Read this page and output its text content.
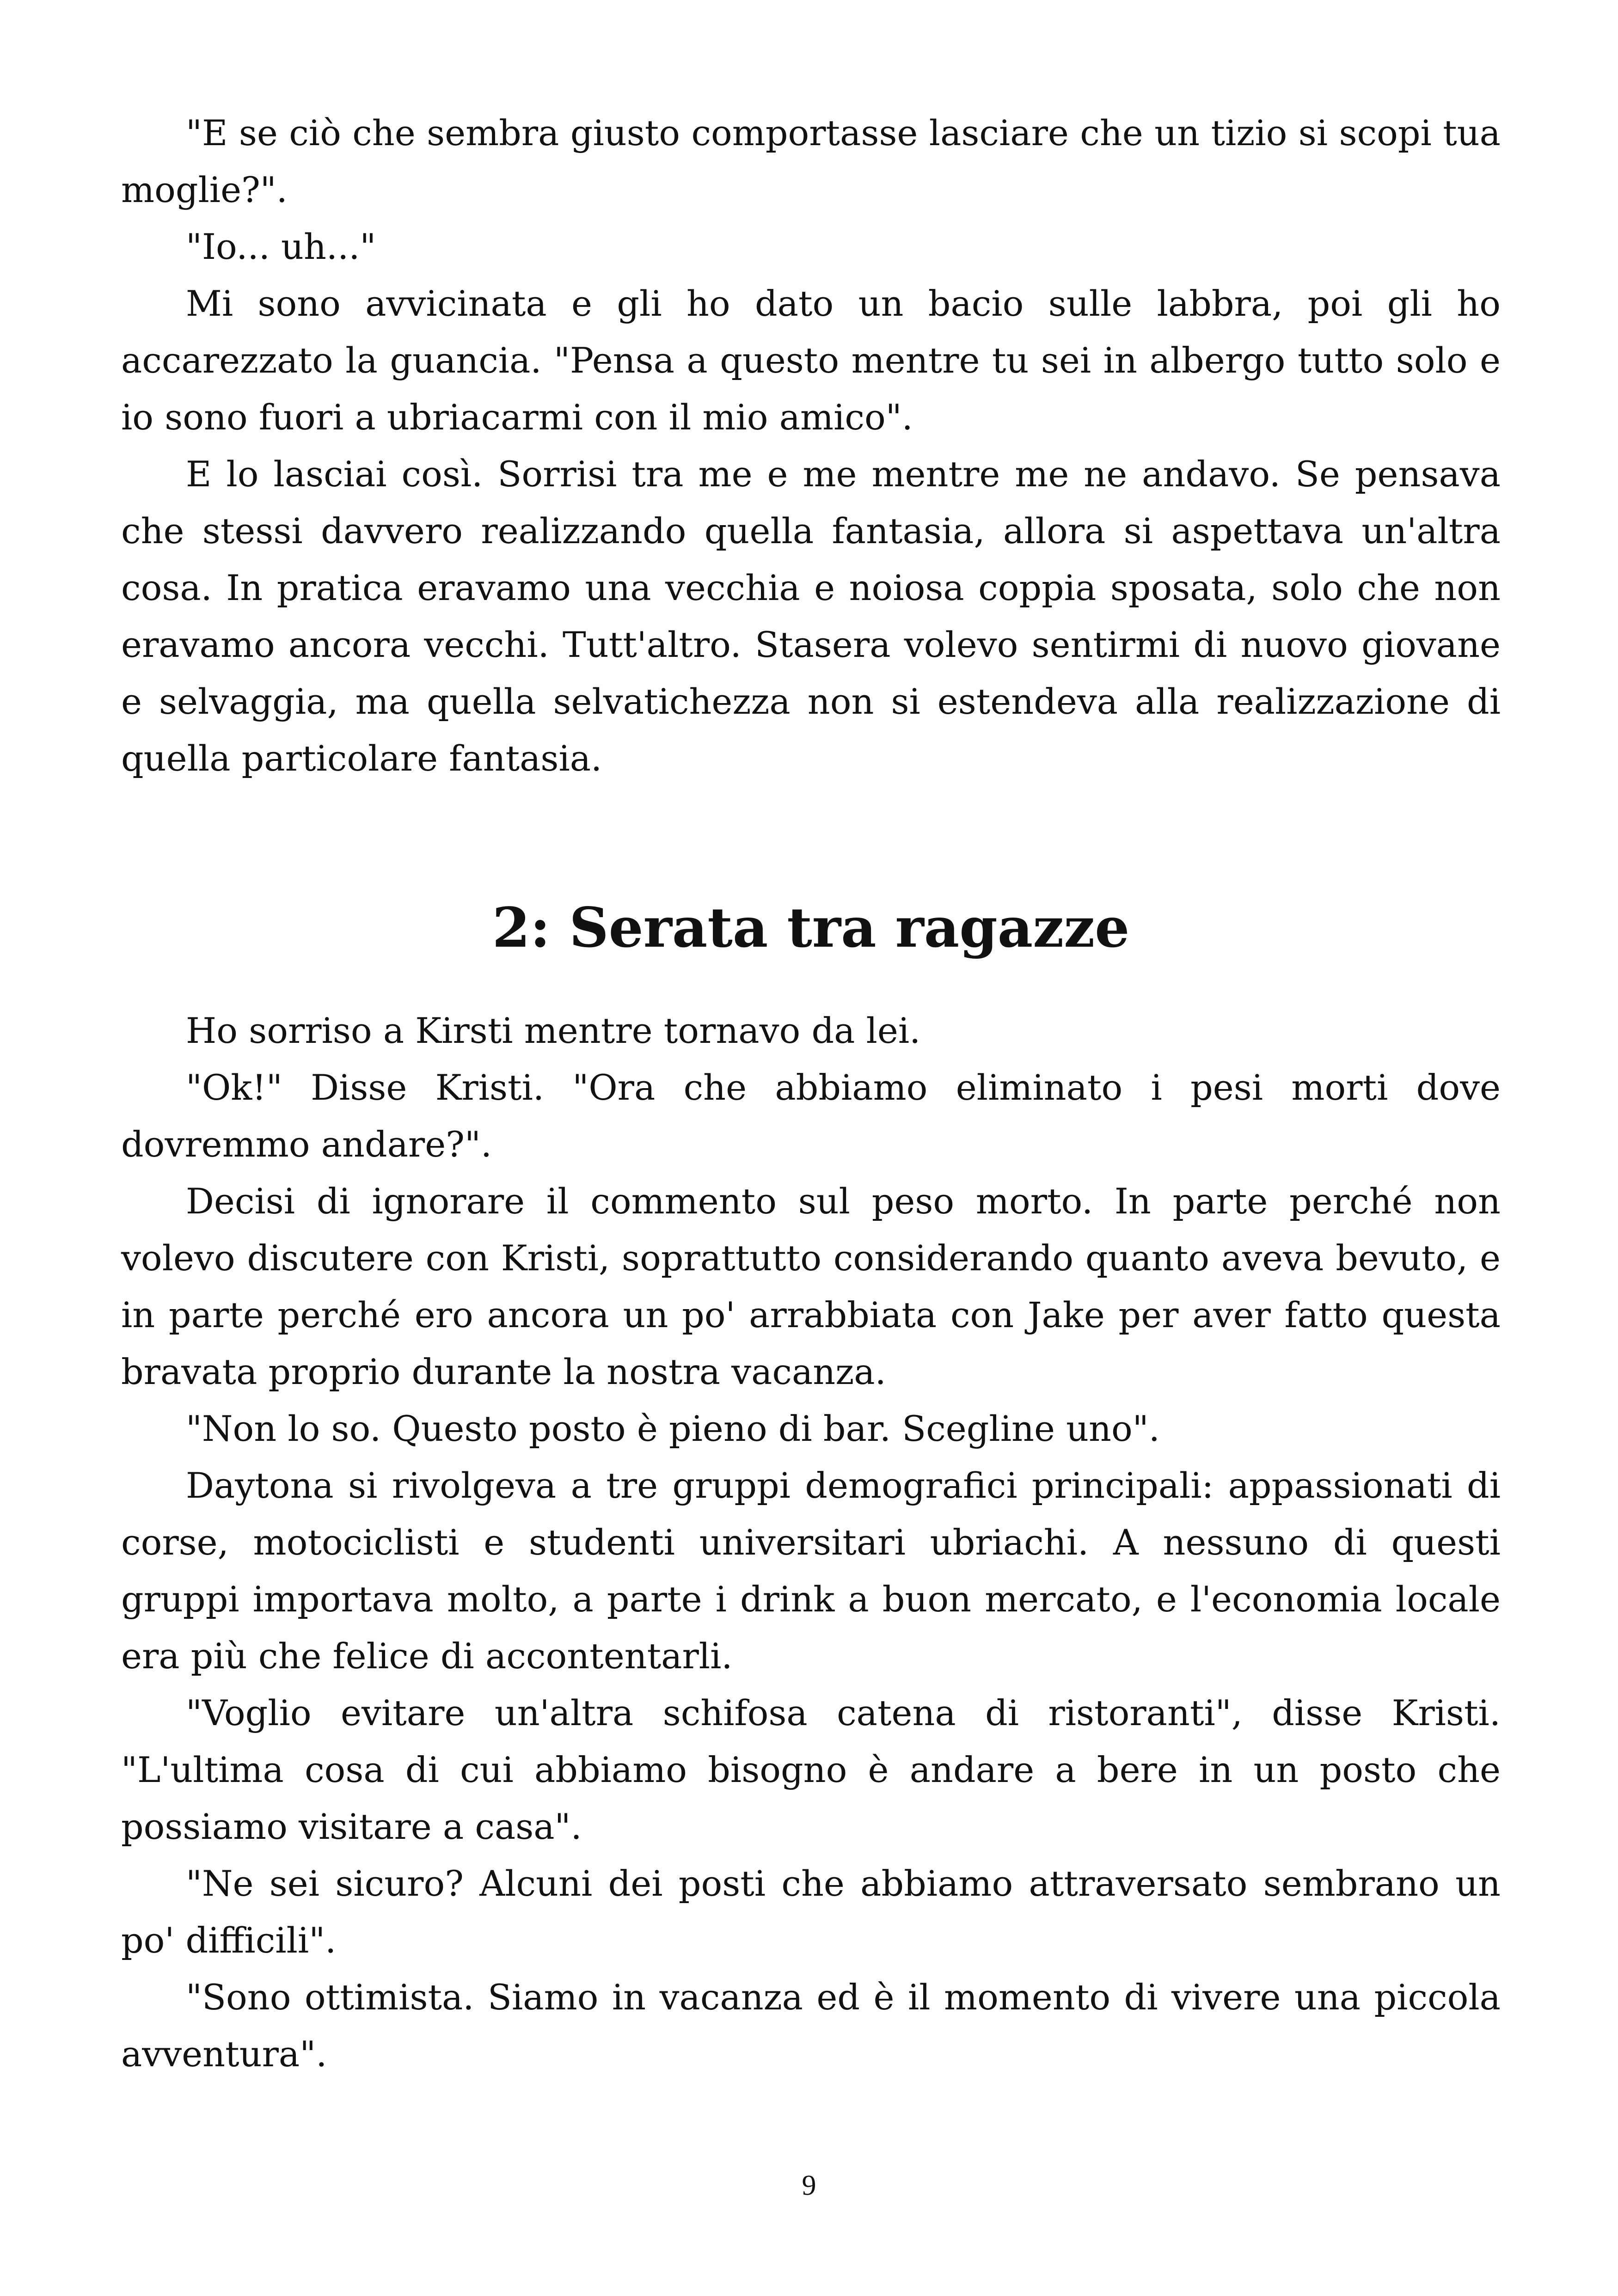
"E se ciò che sembra giusto comportasse lasciare che un tizio si scopi tua moglie?".

"Io... uh..."

Mi sono avvicinata e gli ho dato un bacio sulle labbra, poi gli ho accarezzato la guancia. "Pensa a questo mentre tu sei in albergo tutto solo e io sono fuori a ubriacarmi con il mio amico".

E lo lasciai così. Sorrisi tra me e me mentre me ne andavo. Se pensava che stessi davvero realizzando quella fantasia, allora si aspettava un'altra cosa. In pratica eravamo una vecchia e noiosa coppia sposata, solo che non eravamo ancora vecchi. Tutt'altro. Stasera volevo sentirmi di nuovo giovane e selvaggia, ma quella selvatichezza non si estendeva alla realizzazione di quella particolare fantasia.

2: Serata tra ragazze

Ho sorriso a Kirsti mentre tornavo da lei.

"Ok!" Disse Kristi. "Ora che abbiamo eliminato i pesi morti dove dovremmo andare?".

Decisi di ignorare il commento sul peso morto. In parte perché non volevo discutere con Kristi, soprattutto considerando quanto aveva bevuto, e in parte perché ero ancora un po' arrabbiata con Jake per aver fatto questa bravata proprio durante la nostra vacanza.

"Non lo so. Questo posto è pieno di bar. Scegline uno".

Daytona si rivolgeva a tre gruppi demografici principali: appassionati di corse, motociclisti e studenti universitari ubriachi. A nessuno di questi gruppi importava molto, a parte i drink a buon mercato, e l'economia locale era più che felice di accontentarli.

"Voglio evitare un'altra schifosa catena di ristoranti", disse Kristi. "L'ultima cosa di cui abbiamo bisogno è andare a bere in un posto che possiamo visitare a casa".

"Ne sei sicuro? Alcuni dei posti che abbiamo attraversato sembrano un po' difficili".

"Sono ottimista. Siamo in vacanza ed è il momento di vivere una piccola avventura".

9
